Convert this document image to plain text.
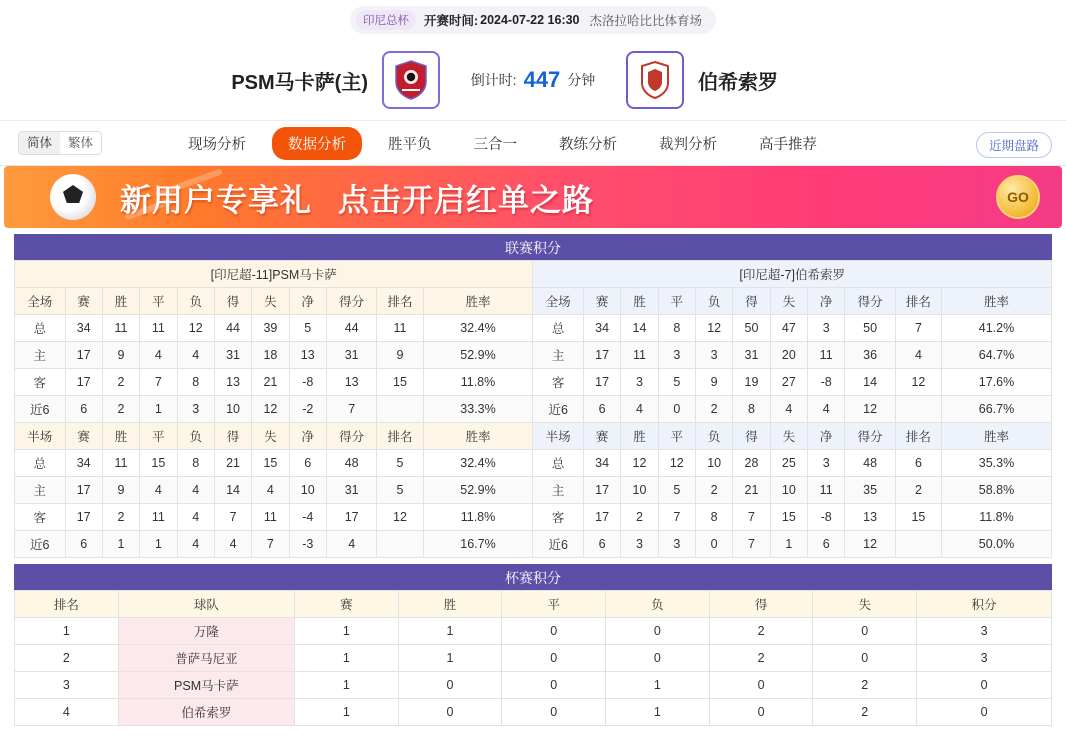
印尼总杯	开赛时间: 2024-07-22 16:30 杰洛拉哈比比体育场
PSM马卡萨(主)	倒计时: 447 分钟	伯希索罗
简体	繁体	现场分析	数据分析	胜平负	三合一	教练分析	裁判分析	高手推荐	近期盘路
新用户专享礼 点击开启红单之路	GO
联赛积分
[印尼超-11]PSM马卡萨											[印尼超-7]伯希索罗										
全场	赛	胜	平	负	得	失	净	得分	排名	胜率	全场	赛	胜	平	负	得	失	净	得分	排名	胜率
总	34	11	11	12	44	39	5	44	11	32.4%	总	34	14	8	12	50	47	3	50	7	41.2%
主	17	9	4	4	31	18	13	31	9	52.9%	主	17	11	3	3	31	20	11	36	4	64.7%
客	17	2	7	8	13	21	-8	13	15	11.8%	客	17	3	5	9	19	27	-8	14	12	17.6%
近6	6	2	1	3	10	12	-2	7		33.3%	近6	6	4	0	2	8	4	4	12		66.7%
半场	赛	胜	平	负	得	失	净	得分	排名	胜率	半场	赛	胜	平	负	得	失	净	得分	排名	胜率
总	34	11	15	8	21	15	6	48	5	32.4%	总	34	12	12	10	28	25	3	48	6	35.3%
主	17	9	4	4	14	4	10	31	5	52.9%	主	17	10	5	2	21	10	11	35	2	58.8%
客	17	2	11	4	7	11	-4	17	12	11.8%	客	17	2	7	8	7	15	-8	13	15	11.8%
近6	6	1	1	4	4	7	-3	4		16.7%	近6	6	3	3	0	7	1	6	12		50.0%
杯赛积分
排名	球队	赛	胜	平	负	得	失	积分
1	万隆	1	1	0	0	2	0	3
2	普萨马尼亚	1	1	0	0	2	0	3
3	PSM马卡萨	1	0	0	1	0	2	0
4	伯希索罗	1	0	0	1	0	2	0
